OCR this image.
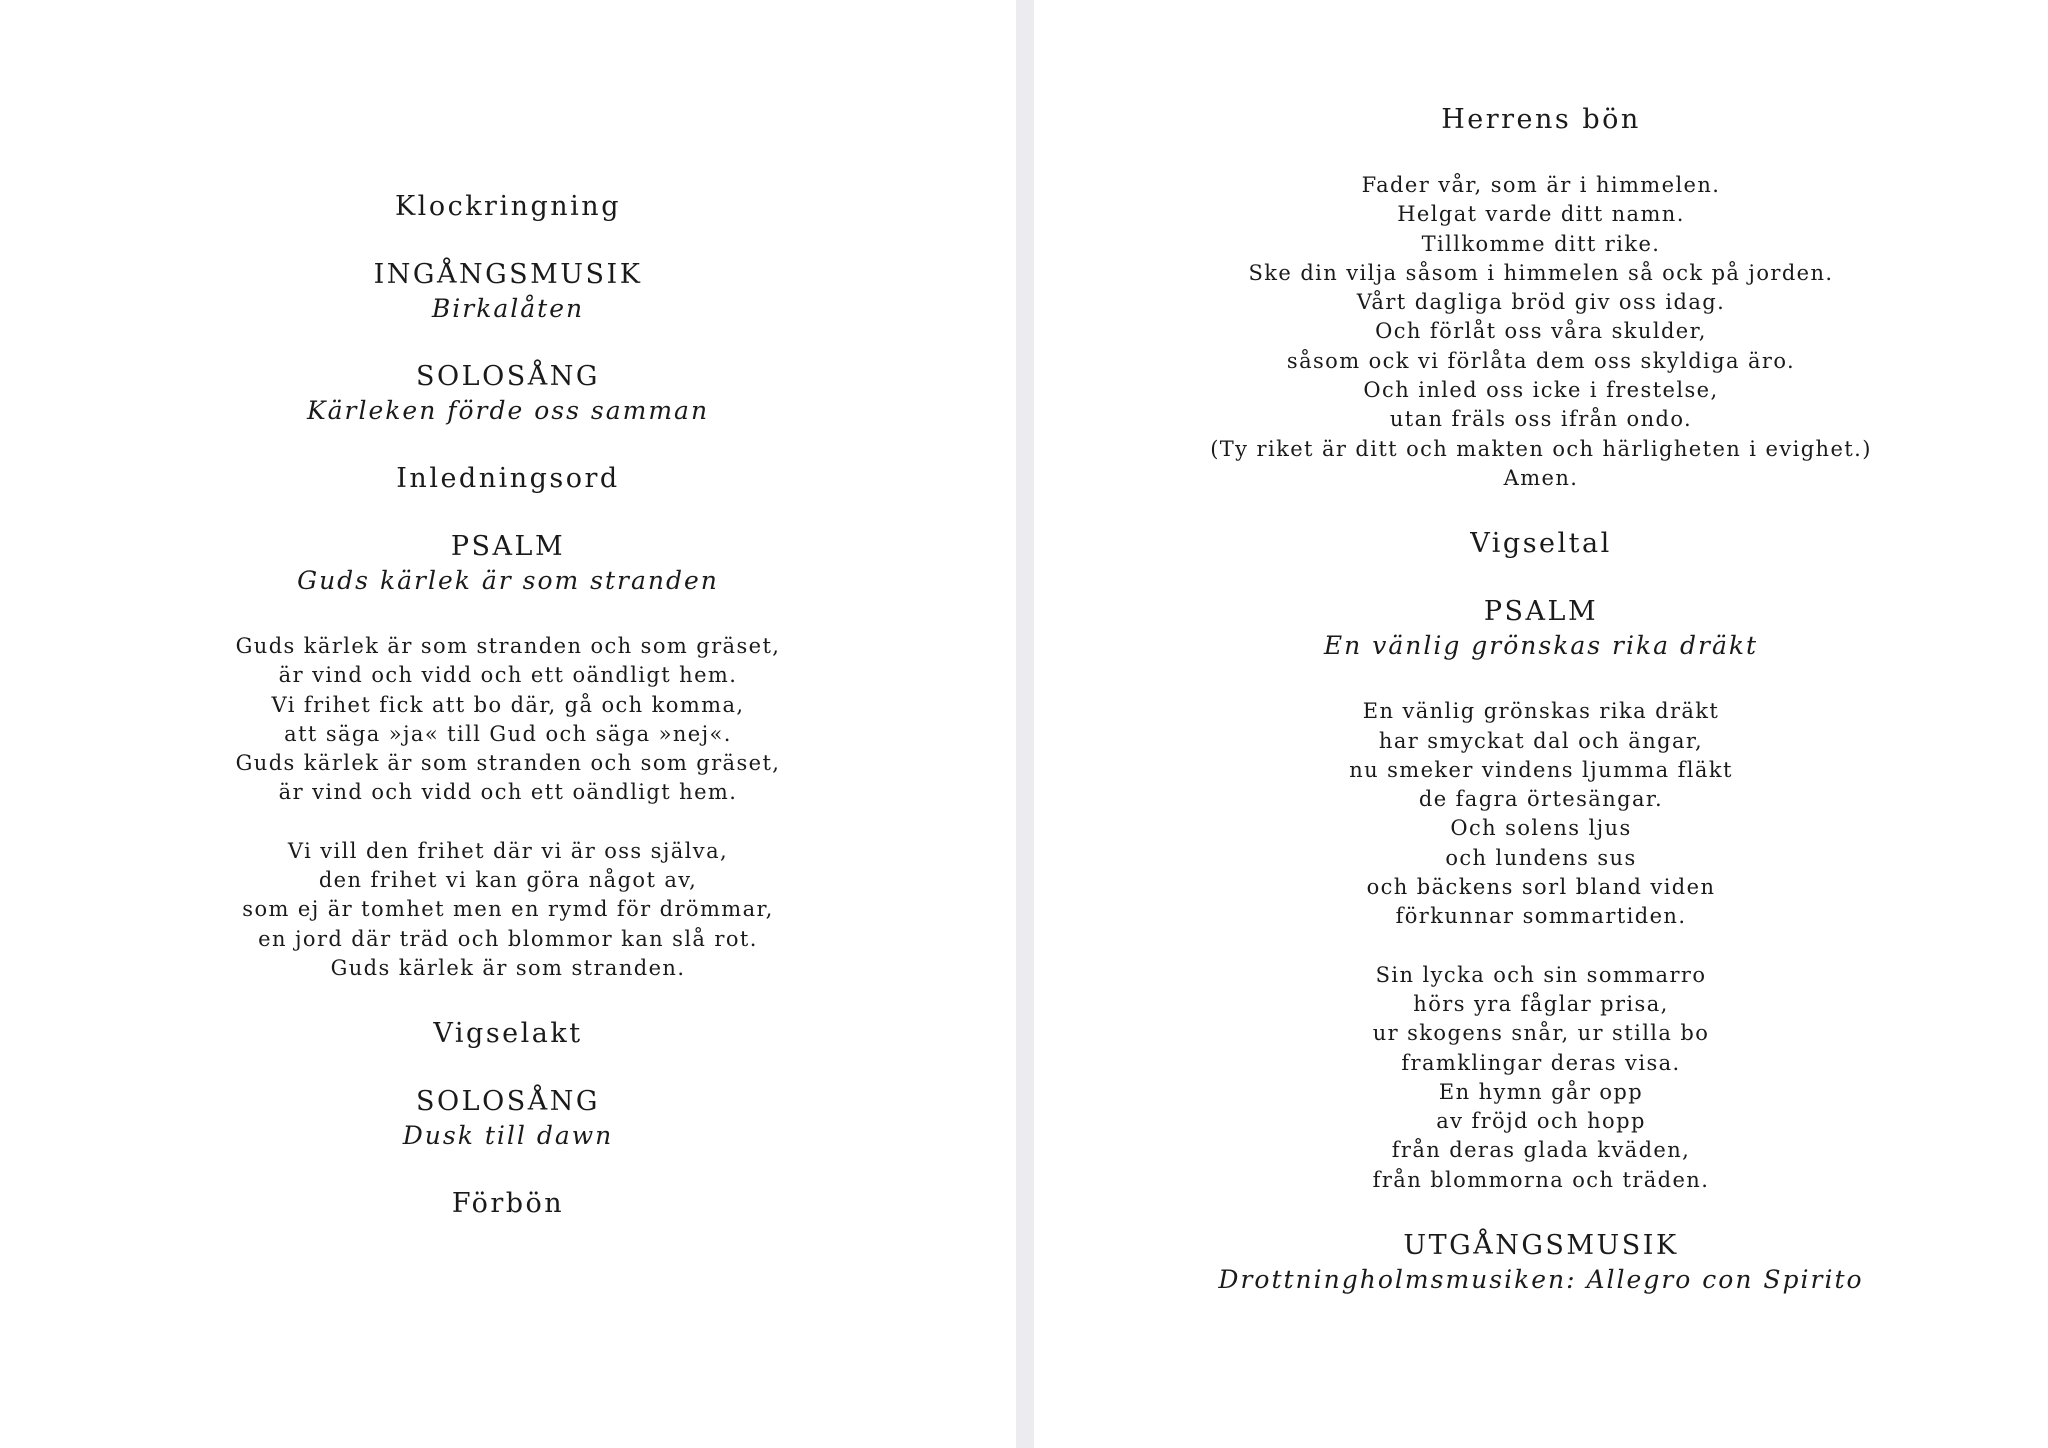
Klockringning
INGÅNGSMUSIK
Birkalåten
SOLOSÅNG
Kärleken förde oss samman
Inledningsord
PSALM
Guds kärlek är som stranden
Guds kärlek är som stranden och som gräset,
är vind och vidd och ett oändligt hem.
Vi frihet fick att bo där, gå och komma,
att säga »ja« till Gud och säga »nej«.
Guds kärlek är som stranden och som gräset,
är vind och vidd och ett oändligt hem.
Vi vill den frihet där vi är oss själva,
den frihet vi kan göra något av,
som ej är tomhet men en rymd för drömmar,
en jord där träd och blommor kan slå rot.
Guds kärlek är som stranden.
Vigselakt
SOLOSÅNG
Dusk till dawn
Förbön
Herrens bön
Fader vår, som är i himmelen.
Helgat varde ditt namn.
Tillkomme ditt rike.
Ske din vilja såsom i himmelen så ock på jorden.
Vårt dagliga bröd giv oss idag.
Och förlåt oss våra skulder,
såsom ock vi förlåta dem oss skyldiga äro.
Och inled oss icke i frestelse,
utan fräls oss ifrån ondo.
(Ty riket är ditt och makten och härligheten i evighet.)
Amen.
Vigseltal
PSALM
En vänlig grönskas rika dräkt
En vänlig grönskas rika dräkt
har smyckat dal och ängar,
nu smeker vindens ljumma fläkt
de fagra örtesängar.
Och solens ljus
och lundens sus
och bäckens sorl bland viden
förkunnar sommartiden.
Sin lycka och sin sommarro
hörs yra fåglar prisa,
ur skogens snår, ur stilla bo
framklingar deras visa.
En hymn går opp
av fröjd och hopp
från deras glada kväden,
från blommorna och träden.
UTGÅNGSMUSIK
Drottningholmsmusiken: Allegro con Spirito
